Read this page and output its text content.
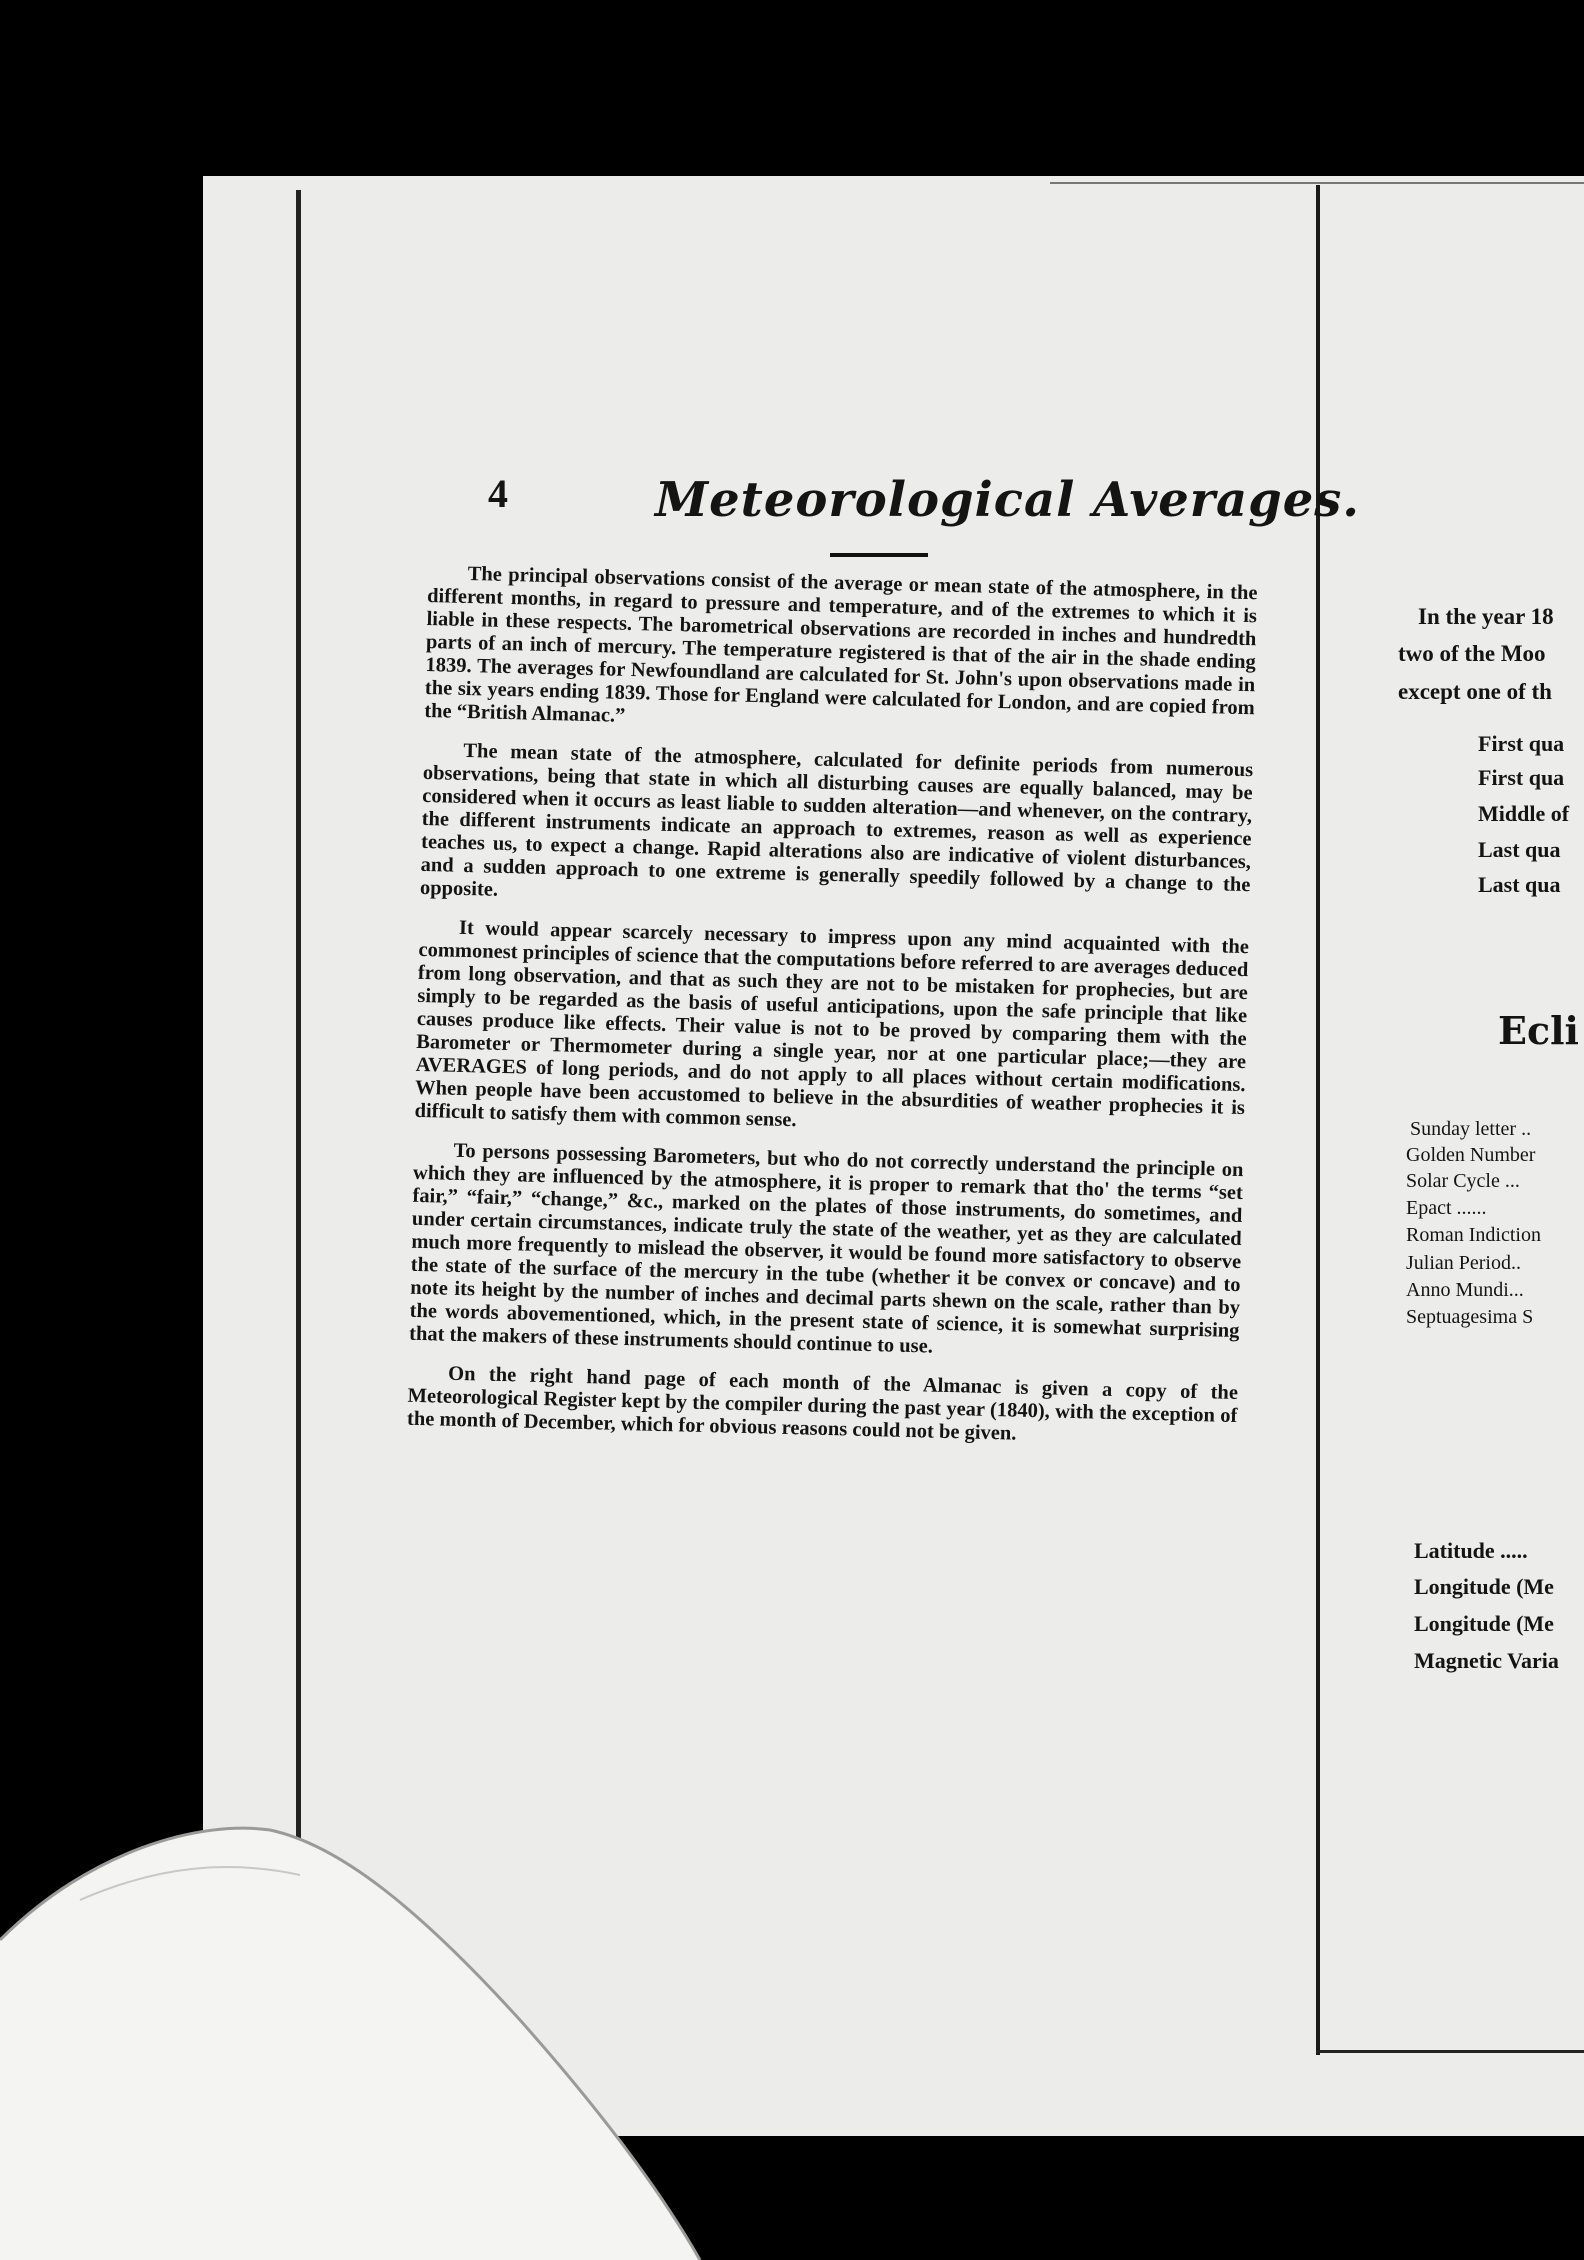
4	Meteorological Averages.

The principal observations consist of the average or mean state of the atmosphere, in the different months, in regard to pressure and temperature, and of the extremes to which it is liable in these respects. The barometrical observations are recorded in inches and hundredth parts of an inch of mercury. The temperature registered is that of the air in the shade ending 1839. The averages for Newfoundland are calculated for St. John's upon observations made in the six years ending 1839. Those for England were calculated for London, and are copied from the “British Almanac.”

The mean state of the atmosphere, calculated for definite periods from numerous observations, being that state in which all disturbing causes are equally balanced, may be considered when it occurs as least liable to sudden alteration—and whenever, on the contrary, the different instruments indicate an approach to extremes, reason as well as experience teaches us, to expect a change. Rapid alterations also are indicative of violent disturbances, and a sudden approach to one extreme is generally speedily followed by a change to the opposite.

It would appear scarcely necessary to impress upon any mind acquainted with the commonest principles of science that the computations before referred to are averages deduced from long observation, and that as such they are not to be mistaken for prophecies, but are simply to be regarded as the basis of useful anticipations, upon the safe principle that like causes produce like effects. Their value is not to be proved by comparing them with the Barometer or Thermometer during a single year, nor at one particular place;—they are AVERAGES of long periods, and do not apply to all places without certain modifications. When people have been accustomed to believe in the absurdities of weather prophecies it is difficult to satisfy them with common sense.

To persons possessing Barometers, but who do not correctly understand the principle on which they are influenced by the atmosphere, it is proper to remark that tho' the terms “set fair,” “fair,” “change,” &c., marked on the plates of those instruments, do sometimes, and under certain circumstances, indicate truly the state of the weather, yet as they are calculated much more frequently to mislead the observer, it would be found more satisfactory to observe the state of the surface of the mercury in the tube (whether it be convex or concave) and to note its height by the number of inches and decimal parts shewn on the scale, rather than by the words abovementioned, which, in the present state of science, it is somewhat surprising that the makers of these instruments should continue to use.

On the right hand page of each month of the Almanac is given a copy of the Meteorological Register kept by the compiler during the past year (1840), with the exception of the month of December, which for obvious reasons could not be given.

In the year 18
two of the Moo
except one of th
First qua
First qua
Middle of
Last qua
Last qua
Ecli
Sunday letter ..
Golden Number
Solar Cycle ...
Epact ......
Roman Indiction
Julian Period..
Anno Mundi...
Septuagesima S
Latitude .....
Longitude (Me
Longitude (Me
Magnetic Varia
